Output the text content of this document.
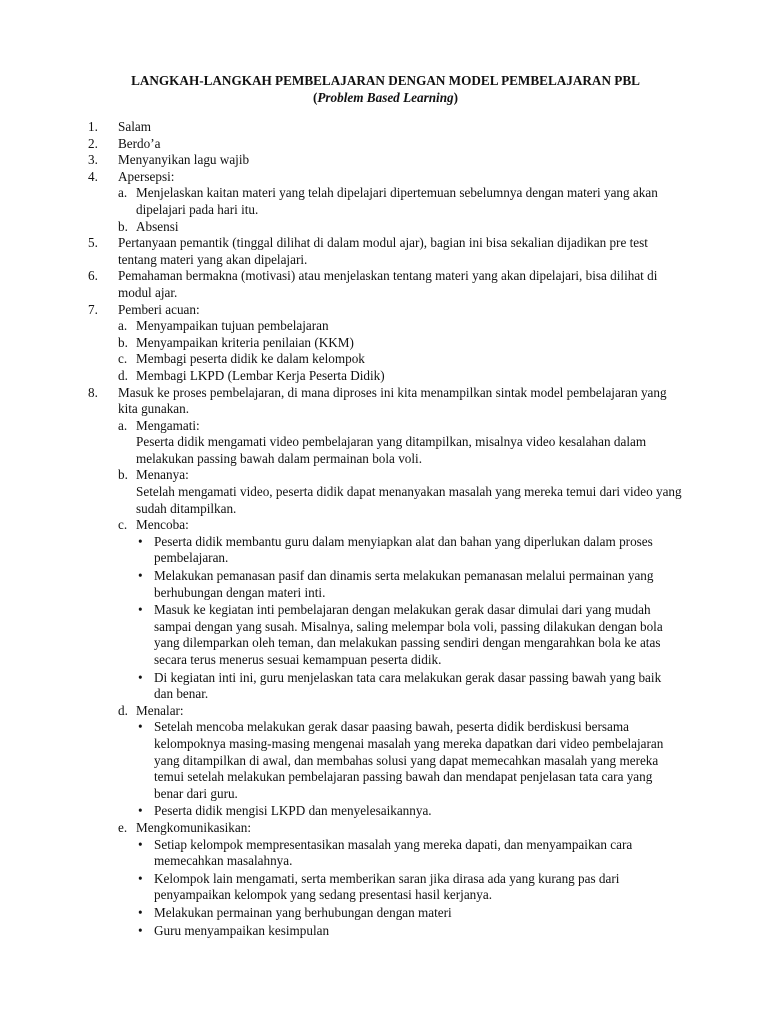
LANGKAH-LANGKAH PEMBELAJARAN DENGAN MODEL PEMBELAJARAN PBL

(Problem Based Learning)

1.	Salam
2.	Berdo’a
3.	Menyanyikan lagu wajib
4.	Apersepsi:
a. Menjelaskan kaitan materi yang telah dipelajari dipertemuan sebelumnya dengan materi yang akan dipelajari pada hari itu.
b. Absensi
5.	Pertanyaan pemantik (tinggal dilihat di dalam modul ajar), bagian ini bisa sekalian dijadikan pre test tentang materi yang akan dipelajari.
6.	Pemahaman bermakna (motivasi) atau menjelaskan tentang materi yang akan dipelajari, bisa dilihat di modul ajar.
7.	Pemberi acuan:
a. Menyampaikan tujuan pembelajaran
b. Menyampaikan kriteria penilaian (KKM)
c. Membagi peserta didik ke dalam kelompok
d. Membagi LKPD (Lembar Kerja Peserta Didik)
8.	Masuk ke proses pembelajaran, di mana diproses ini kita menampilkan sintak model pembelajaran yang kita gunakan.
a. Mengamati:
Peserta didik mengamati video pembelajaran yang ditampilkan, misalnya video kesalahan dalam melakukan passing bawah dalam permainan bola voli.
b. Menanya:
Setelah mengamati video, peserta didik dapat menanyakan masalah yang mereka temui dari video yang sudah ditampilkan.
c. Mencoba:
• Peserta didik membantu guru dalam menyiapkan alat dan bahan yang diperlukan dalam proses pembelajaran.
• Melakukan pemanasan pasif dan dinamis serta melakukan pemanasan melalui permainan yang berhubungan dengan materi inti.
• Masuk ke kegiatan inti pembelajaran dengan melakukan gerak dasar dimulai dari yang mudah sampai dengan yang susah. Misalnya, saling melempar bola voli, passing dilakukan dengan bola yang dilemparkan oleh teman, dan melakukan passing sendiri dengan mengarahkan bola ke atas secara terus menerus sesuai kemampuan peserta didik.
• Di kegiatan inti ini, guru menjelaskan tata cara melakukan gerak dasar passing bawah yang baik dan benar.
d. Menalar:
• Setelah mencoba melakukan gerak dasar paasing bawah, peserta didik berdiskusi bersama kelompoknya masing-masing mengenai masalah yang mereka dapatkan dari video pembelajaran yang ditampilkan di awal, dan membahas solusi yang dapat memecahkan masalah yang mereka temui setelah melakukan pembelajaran passing bawah dan mendapat penjelasan tata cara yang benar dari guru.
• Peserta didik mengisi LKPD dan menyelesaikannya.
e. Mengkomunikasikan:
• Setiap kelompok mempresentasikan masalah yang mereka dapati, dan menyampaikan cara memecahkan masalahnya.
• Kelompok lain mengamati, serta memberikan saran jika dirasa ada yang kurang pas dari penyampaikan kelompok yang sedang presentasi hasil kerjanya.
• Melakukan permainan yang berhubungan dengan materi
• Guru menyampaikan kesimpulan
